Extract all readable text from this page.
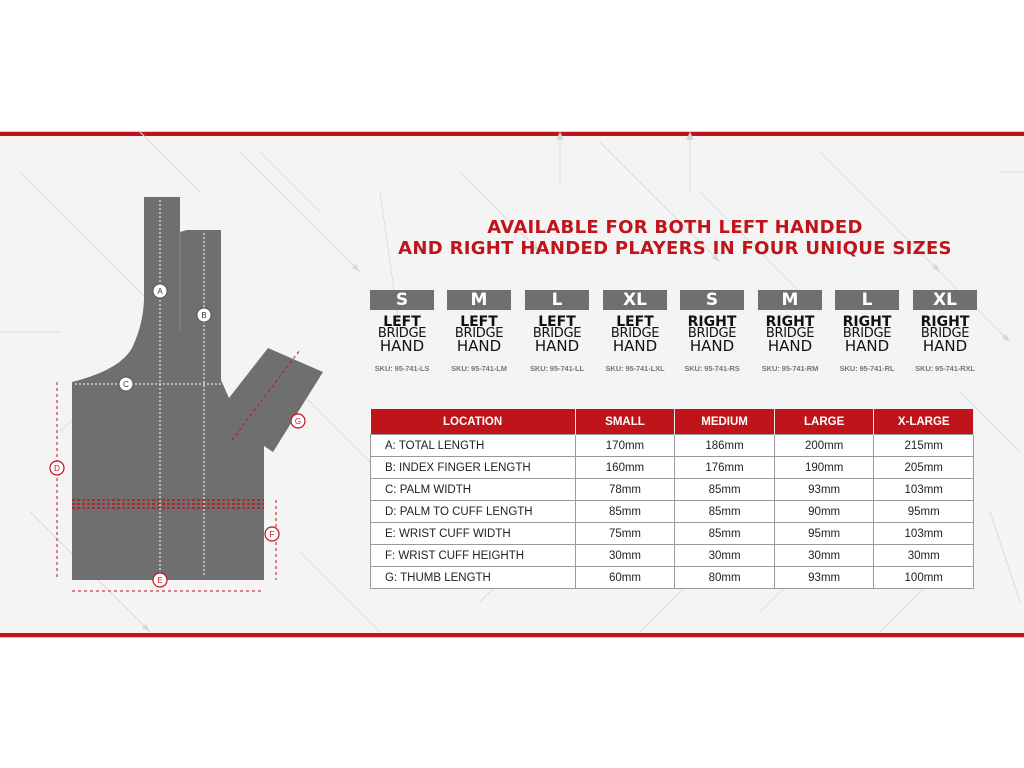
A
B
C
D
E
F
G
AVAILABLE FOR BOTH LEFT HANDED
AND RIGHT HANDED PLAYERS IN FOUR UNIQUE SIZES
S
LEFT
BRIDGE
HAND
SKU: 95-741-LS
M
LEFT
BRIDGE
HAND
SKU: 95-741-LM
L
LEFT
BRIDGE
HAND
SKU: 95-741-LL
XL
LEFT
BRIDGE
HAND
SKU: 95-741-LXL
S
RIGHT
BRIDGE
HAND
SKU: 95-741-RS
M
RIGHT
BRIDGE
HAND
SKU: 95-741-RM
L
RIGHT
BRIDGE
HAND
SKU: 95-741-RL
XL
RIGHT
BRIDGE
HAND
SKU: 95-741-RXL
LOCATION	SMALL	MEDIUM	LARGE	X-LARGE
A: TOTAL LENGTH	170mm	186mm	200mm	215mm
B: INDEX FINGER LENGTH	160mm	176mm	190mm	205mm
C: PALM WIDTH	78mm	85mm	93mm	103mm
D: PALM TO CUFF LENGTH	85mm	85mm	90mm	95mm
E: WRIST CUFF WIDTH	75mm	85mm	95mm	103mm
F: WRIST CUFF HEIGHTH	30mm	30mm	30mm	30mm
G: THUMB LENGTH	60mm	80mm	93mm	100mm
